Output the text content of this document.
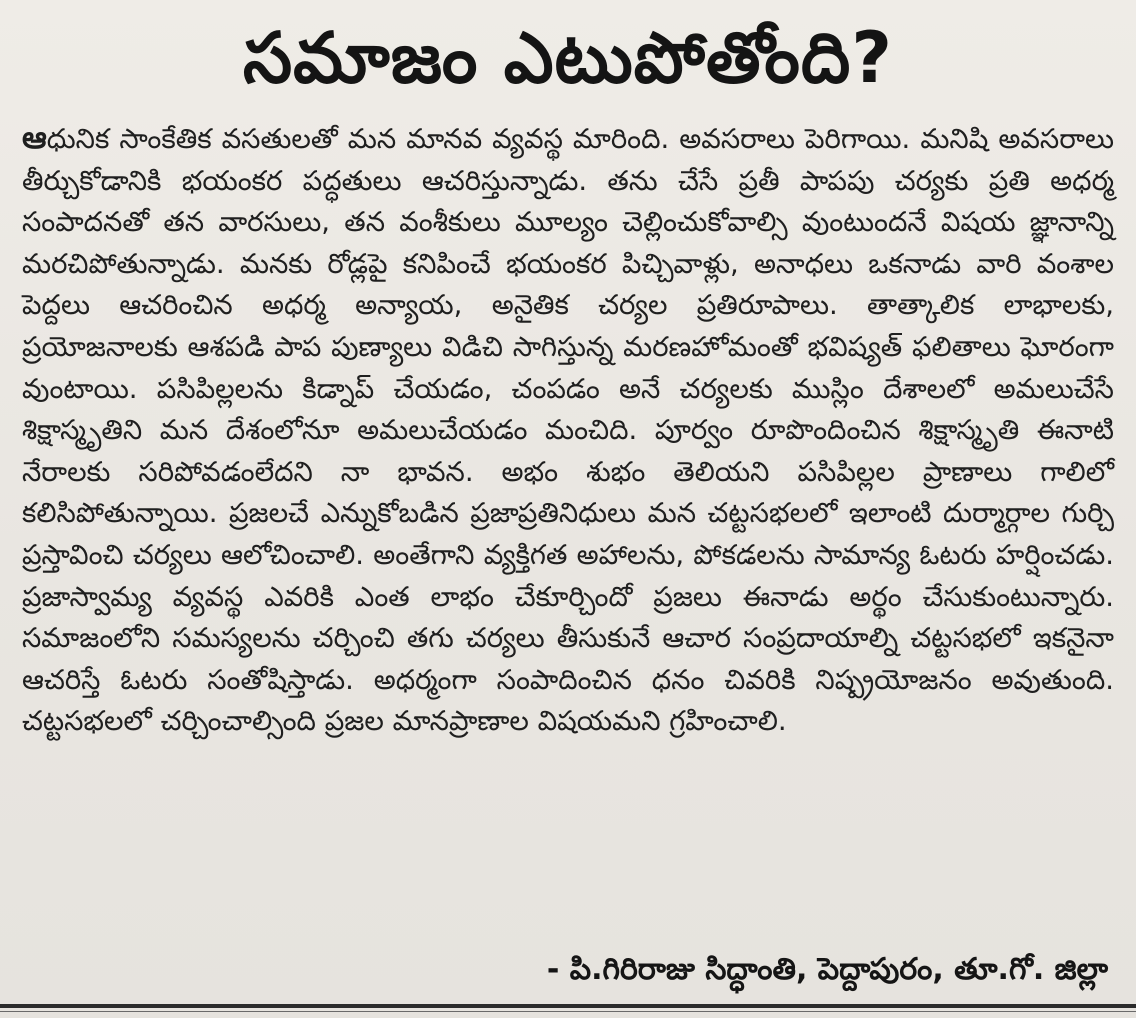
సమాజం ఎటుపోతోంది?

ఆధునిక సాంకేతిక వసతులతో మన మానవ వ్యవస్థ మారింది. అవసరాలు పెరిగాయి. మనిషి అవసరాలు తీర్చుకోడానికి భయంకర పద్ధతులు ఆచరిస్తున్నాడు. తను చేసే ప్రతీ పాపపు చర్యకు ప్రతి అధర్మ సంపాదనతో తన వారసులు, తన వంశీకులు మూల్యం చెల్లించుకోవాల్సి వుంటుందనే విషయ జ్ఞానాన్ని మరచిపోతున్నాడు. మనకు రోడ్లపై కనిపించే భయంకర పిచ్చివాళ్లు, అనాధలు ఒకనాడు వారి వంశాల పెద్దలు ఆచరించిన అధర్మ అన్యాయ, అనైతిక చర్యల ప్రతిరూపాలు. తాత్కాలిక లాభాలకు, ప్రయోజనాలకు ఆశపడి పాప పుణ్యాలు విడిచి సాగిస్తున్న మరణహోమంతో భవిష్యత్ ఫలితాలు ఘోరంగా వుంటాయి. పసిపిల్లలను కిడ్నాప్ చేయడం, చంపడం అనే చర్యలకు ముస్లిం దేశాలలో అమలుచేసే శిక్షాస్మృతిని మన దేశంలోనూ అమలుచేయడం మంచిది. పూర్వం రూపొందించిన శిక్షాస్మృతి ఈనాటి నేరాలకు సరిపోవడంలేదని నా భావన. అభం శుభం తెలియని పసిపిల్లల ప్రాణాలు గాలిలో కలిసిపోతున్నాయి. ప్రజలచే ఎన్నుకోబడిన ప్రజాప్రతినిధులు మన చట్టసభలలో ఇలాంటి దుర్మార్గాల గుర్చి ప్రస్తావించి చర్యలు ఆలోచించాలి. అంతేగాని వ్యక్తిగత అహాలను, పోకడలను సామాన్య ఓటరు హర్షించడు. ప్రజాస్వామ్య వ్యవస్థ ఎవరికి ఎంత లాభం చేకూర్చిందో ప్రజలు ఈనాడు అర్థం చేసుకుంటున్నారు. సమాజంలోని సమస్యలను చర్చించి తగు చర్యలు తీసుకునే ఆచార సంప్రదాయాల్ని చట్టసభలో ఇకనైనా ఆచరిస్తే ఓటరు సంతోషిస్తాడు. అధర్మంగా సంపాదించిన ధనం చివరికి నిష్ప్రయోజనం అవుతుంది. చట్టసభలలో చర్చించాల్సింది ప్రజల మానప్రాణాల విషయమని గ్రహించాలి.

- పి.గిరిరాజు సిద్ధాంతి, పెద్దాపురం, తూ.గో. జిల్లా
